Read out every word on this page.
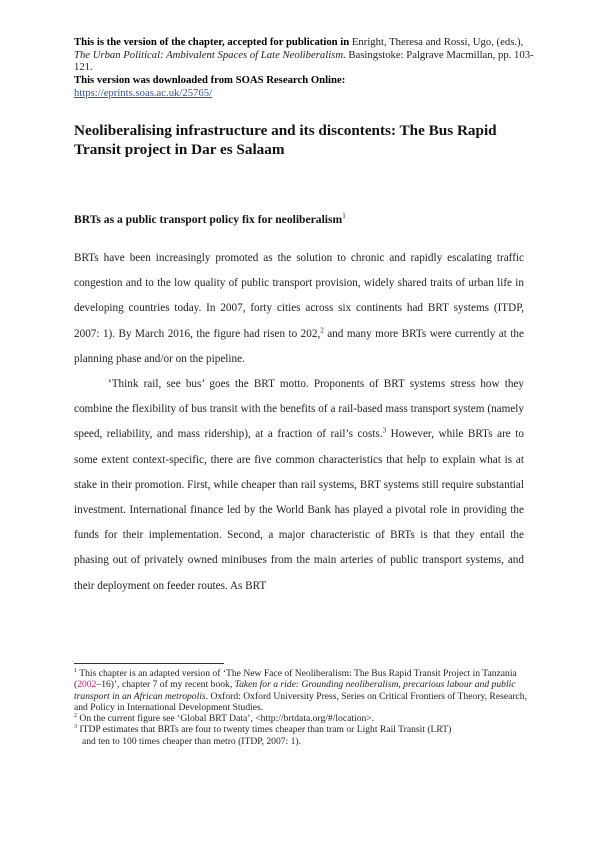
This is the version of the chapter, accepted for publication in Enright, Theresa and Rossi, Ugo, (eds.), The Urban Political: Ambivalent Spaces of Late Neoliberalism. Basingstoke: Palgrave Macmillan, pp. 103-121.
This version was downloaded from SOAS Research Online:
https://eprints.soas.ac.uk/25765/
Neoliberalising infrastructure and its discontents: The Bus Rapid Transit project in Dar es Salaam
BRTs as a public transport policy fix for neoliberalism$^1$

BRTs have been increasingly promoted as the solution to chronic and rapidly escalating traffic congestion and to the low quality of public transport provision, widely shared traits of urban life in developing countries today. In 2007, forty cities across six continents had BRT systems (ITDP, 2007: 1). By March 2016, the figure had risen to 202,$^2$ and many more BRTs were currently at the planning phase and/or on the pipeline.

‘Think rail, see bus’ goes the BRT motto. Proponents of BRT systems stress how they combine the flexibility of bus transit with the benefits of a rail-based mass transport system (namely speed, reliability, and mass ridership), at a fraction of rail’s costs.$^3$ However, while BRTs are to some extent context-specific, there are five common characteristics that help to explain what is at stake in their promotion. First, while cheaper than rail systems, BRT systems still require substantial investment. International finance led by the World Bank has played a pivotal role in providing the funds for their implementation. Second, a major characteristic of BRTs is that they entail the phasing out of privately owned minibuses from the main arteries of public transport systems, and their deployment on feeder routes. As BRT

$^1$ This chapter is an adapted version of ‘The New Face of Neoliberalism: The Bus Rapid Transit Project in Tanzania (2002–16)’, chapter 7 of my recent book, Taken for a ride: Grounding neoliberalism, precarious labour and public transport in an African metropolis. Oxford: Oxford University Press, Series on Critical Frontiers of Theory, Research, and Policy in International Development Studies.

$^2$ On the current figure see ‘Global BRT Data’, <http://brtdata.org/#/location>.

$^3$ ITDP estimates that BRTs are four to twenty times cheaper than tram or Light Rail Transit (LRT)

and ten to 100 times cheaper than metro (ITDP, 2007: 1).
